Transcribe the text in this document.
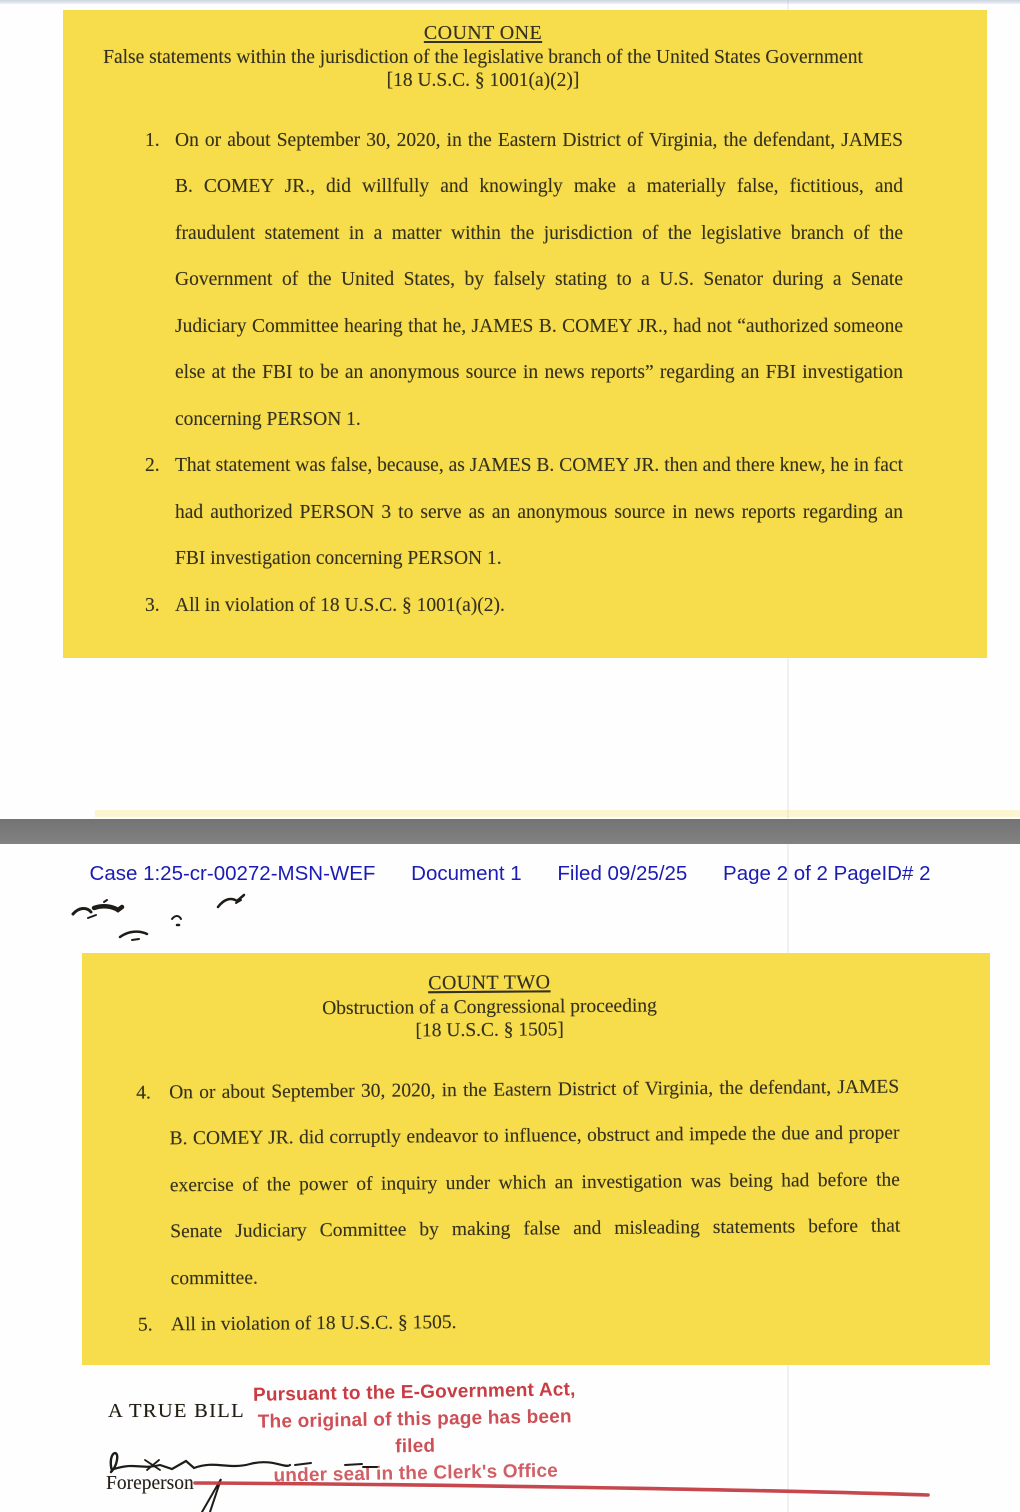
COUNT ONE
False statements within the jurisdiction of the legislative branch of the United States Government
[18 U.S.C. § 1001(a)(2)]
1. On or about September 30, 2020, in the Eastern District of Virginia, the defendant, JAMES B. COMEY JR., did willfully and knowingly make a materially false, fictitious, and fraudulent statement in a matter within the jurisdiction of the legislative branch of the Government of the United States, by falsely stating to a U.S. Senator during a Senate Judiciary Committee hearing that he, JAMES B. COMEY JR., had not “authorized someone else at the FBI to be an anonymous source in news reports” regarding an FBI investigation concerning PERSON 1.
2. That statement was false, because, as JAMES B. COMEY JR. then and there knew, he in fact had authorized PERSON 3 to serve as an anonymous source in news reports regarding an FBI investigation concerning PERSON 1.
3. All in violation of 18 U.S.C. § 1001(a)(2).
Case 1:25-cr-00272-MSN-WEF Document 1 Filed 09/25/25 Page 2 of 2 PageID# 2
COUNT TWO
Obstruction of a Congressional proceeding
[18 U.S.C. § 1505]
4. On or about September 30, 2020, in the Eastern District of Virginia, the defendant, JAMES B. COMEY JR. did corruptly endeavor to influence, obstruct and impede the due and proper exercise of the power of inquiry under which an investigation was being had before the Senate Judiciary Committee by making false and misleading statements before that committee.
5. All in violation of 18 U.S.C. § 1505.
A TRUE BILL
Pursuant to the E-Government Act,
The original of this page has been filed
under seal in the Clerk's Office
Foreperson
